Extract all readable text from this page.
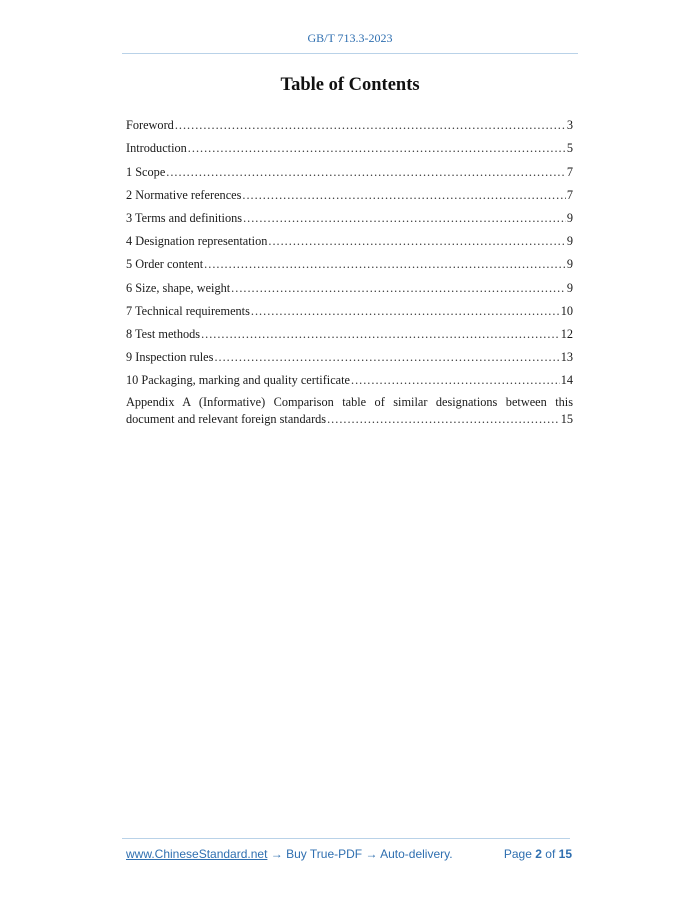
GB/T 713.3-2023
Table of Contents
Foreword .....	3
Introduction .....	5
1 Scope .....	7
2 Normative references .....	7
3 Terms and definitions .....	9
4 Designation representation .....	9
5 Order content .....	9
6 Size, shape, weight .....	9
7 Technical requirements .....	10
8 Test methods .....	12
9 Inspection rules .....	13
10 Packaging, marking and quality certificate .....	14
Appendix A (Informative) Comparison table of similar designations between this
document and relevant foreign standards .....	15
www.ChineseStandard.net → Buy True-PDF → Auto-delivery.	Page 2 of 15
